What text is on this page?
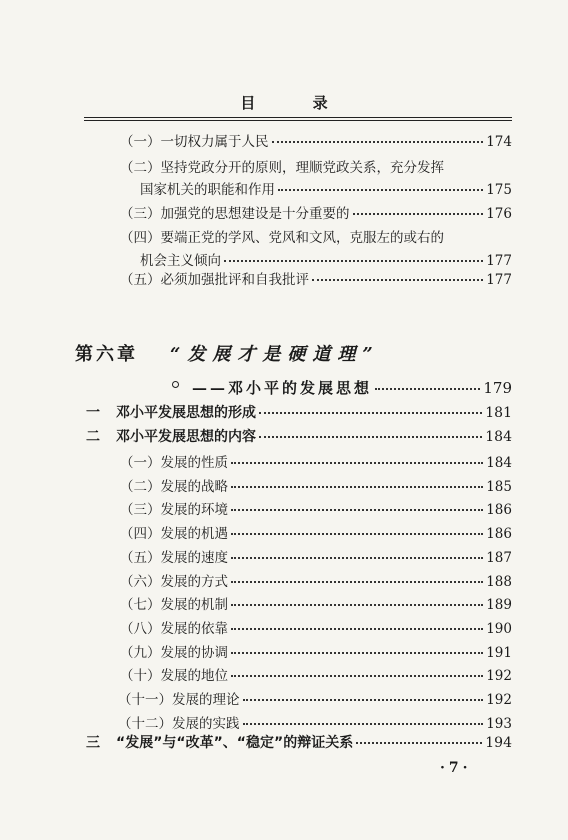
目 录
（一）一切权力属于人民	174
（二）坚持党政分开的原则，理顺党政关系，充分发挥
国家机关的职能和作用	175
（三）加强党的思想建设是十分重要的	176
（四）要端正党的学风、党风和文风，克服左的或右的
机会主义倾向	177
（五）必须加强批评和自我批评	177
第六章 “发展才是硬道理”
——邓小平的发展思想	179
一	邓小平发展思想的形成	181
二	邓小平发展思想的内容	184
（一）发展的性质	184
（二）发展的战略	185
（三）发展的环境	186
（四）发展的机遇	186
（五）发展的速度	187
（六）发展的方式	188
（七）发展的机制	189
（八）发展的依靠	190
（九）发展的协调	191
（十）发展的地位	192
（十一）发展的理论	192
（十二）发展的实践	193
三	“发展”与“改革”、“稳定”的辩证关系	194
·7·
